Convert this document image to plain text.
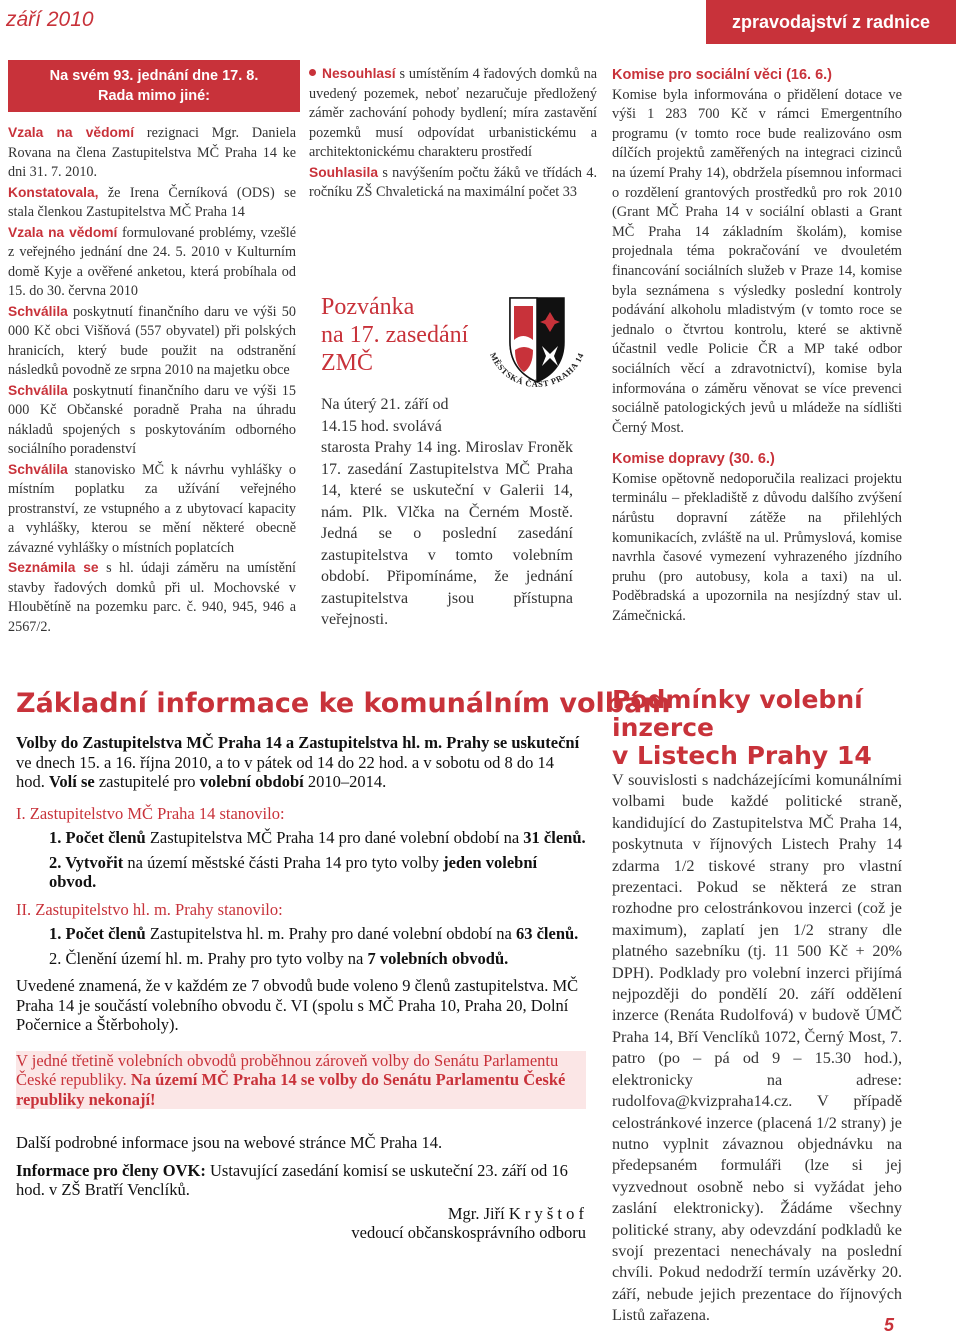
září 2010	zpravodajství z radnice
Na svém 93. jednání dne 17. 8.
Rada mimo jiné:

Vzala na vědomí rezignaci Mgr. Daniela Rovana na člena Zastupitelstva MČ Praha 14 ke dni 31. 7. 2010.

Konstatovala, že Irena Černíková (ODS) se stala členkou Zastupitelstva MČ Praha 14

Vzala na vědomí formulované problémy, vzešlé z veřejného jednání dne 24. 5. 2010 v Kulturním domě Kyje a ověřené anketou, která probíhala od 15. do 30. června 2010

Schválila poskytnutí finančního daru ve výši 50 000 Kč obci Višňová (557 obyvatel) při polských hranicích, který bude použit na odstranění následků povodně ze srpna 2010 na majetku obce

Schválila poskytnutí finančního daru ve výši 15 000 Kč Občanské poradně Praha na úhradu nákladů spojených s poskytováním odborného sociálního poradenství

Schválila stanovisko MČ k návrhu vyhlášky o místním poplatku za užívání veřejného prostranství, ze vstupného a z ubytovací kapacity a vyhlášky, kterou se mění některé obecně závazné vyhlášky o místních poplatcích

Seznámila se s hl. údaji záměru na umístění stavby řadových domků při ul. Mochovské v Hloubětíně na pozemku parc. č. 940, 945, 946 a 2567/2.

Nesouhlasí s umístěním 4 řadových domků na uvedený pozemek, neboť nezaručuje předložený záměr zachování pohody bydlení; míra zastavění pozemků musí odpovídat urbanistickému a architektonickému charakteru prostředí

Souhlasila s navýšením počtu žáků ve třídách 4. ročníku ZŠ Chvaletická na maximální počet 33

Pozvánka
na 17. zasedání
ZMČ	MĚSTSKÁ ČÁST PRAHA 14
Na úterý 21. září od 14.15 hod. svolává
starosta Prahy 14 ing. Miroslav Froněk 17. zasedání Zastupitelstva MČ Praha 14, které se uskuteční v Galerii 14, nám. Plk. Vlčka na Černém Mostě. Jedná se o poslední zasedání zastupitelstva v tomto volebním období. Připomínáme, že jednání zastupitelstva jsou přístupna veřejnosti.

Komise pro sociální věci (16. 6.)

Komise byla informována o přidělení dotace ve výši 1 283 700 Kč v rámci Emergentního programu (v tomto roce bude realizováno osm dílčích projektů zaměřených na integraci cizinců na území Prahy 14), obdržela písemnou informaci o rozdělení grantových prostředků pro rok 2010 (Grant MČ Praha 14 v sociální oblasti a Grant MČ Praha 14 základním školám), komise projednala téma pokračování ve dvouletém financování sociálních služeb v Praze 14, komise byla seznámena s výsledky poslední kontroly podávání alkoholu mladistvým (v tomto roce se jednalo o čtvrtou kontrolu, které se aktivně účastnil vedle Policie ČR a MP také odbor sociálních věcí a zdravotnictví), komise byla informována o záměru věnovat se více prevenci sociálně patologických jevů u mládeže na sídlišti Černý Most.

Komise dopravy (30. 6.)

Komise opětovně nedoporučila realizaci projektu terminálu – překladiště z důvodu dalšího zvýšení nárůstu dopravní zátěže na přilehlých komunikacích, zvláště na ul. Průmyslová, komise navrhla časové vymezení vyhrazeného jízdního pruhu (pro autobusy, kola a taxi) na ul. Poděbradská a upozornila na nesjízdný stav ul. Zámečnická.

Základní informace ke komunálním volbám

Volby do Zastupitelstva MČ Praha 14 a Zastupitelstva hl. m. Prahy se uskuteční ve dnech 15. a 16. října 2010, a to v pátek od 14 do 22 hod. a v sobotu od 8 do 14 hod. Volí se zastupitelé pro volební období 2010–2014.

I. Zastupitelstvo MČ Praha 14 stanovilo:

1. Počet členů Zastupitelstva MČ Praha 14 pro dané volební období na 31 členů.

2. Vytvořit na území městské části Praha 14 pro tyto volby jeden volební obvod.

II. Zastupitelstvo hl. m. Prahy stanovilo:

1. Počet členů Zastupitelstva hl. m. Prahy pro dané volební období na 63 členů.

2. Členění území hl. m. Prahy pro tyto volby na 7 volebních obvodů.

Uvedené znamená, že v každém ze 7 obvodů bude voleno 9 členů zastupitelstva. MČ Praha 14 je součástí volebního obvodu č. VI (spolu s MČ Praha 10, Praha 20, Dolní Počernice a Štěrboholy).

V jedné třetině volebních obvodů proběhnou zároveň volby do Senátu Parlamentu České republiky. Na území MČ Praha 14 se volby do Senátu Parlamentu České republiky nekonají!

Další podrobné informace jsou na webové stránce MČ Praha 14.

Informace pro členy OVK: Ustavující zasedání komisí se uskuteční 23. září od 16 hod. v ZŠ Bratří Venclíků.

Mgr. Jiří K r y š t o f

vedoucí občanskosprávního odboru

Podmínky volební
inzerce
v Listech Prahy 14
V souvislosti s nadcházejícími komunálními volbami bude každé politické straně, kandidující do Zastupitelstva MČ Praha 14, poskytnuta v říjnových Listech Prahy 14 zdarma 1/2 tiskové strany pro vlastní prezentaci. Pokud se některá ze stran rozhodne pro celostránkovou inzerci (což je maximum), zaplatí jen 1/2 strany dle platného sazebníku (tj. 11 500 Kč + 20% DPH). Podklady pro volební inzerci přijímá nejpozději do pondělí 20. září oddělení inzerce (Renáta Rudolfová) v budově ÚMČ Praha 14, Bří Venclíků 1072, Černý Most, 7. patro (po – pá od 9 – 15.30 hod.), elektronicky na adrese: rudolfova@kvizpraha14.cz. V případě celostránkové inzerce (placená 1/2 strany) je nutno vyplnit závaznou objednávku na předepsaném formuláři (lze si jej vyzvednout osobně nebo si vyžádat jeho zaslání elektronicky). Žádáme všechny politické strany, aby odevzdání podkladů ke svojí prezentaci nenechávaly na poslední chvíli. Pokud nedodrží termín uzávěrky 20. září, nebude jejich prezentace do říjnových Listů zařazena.	5
